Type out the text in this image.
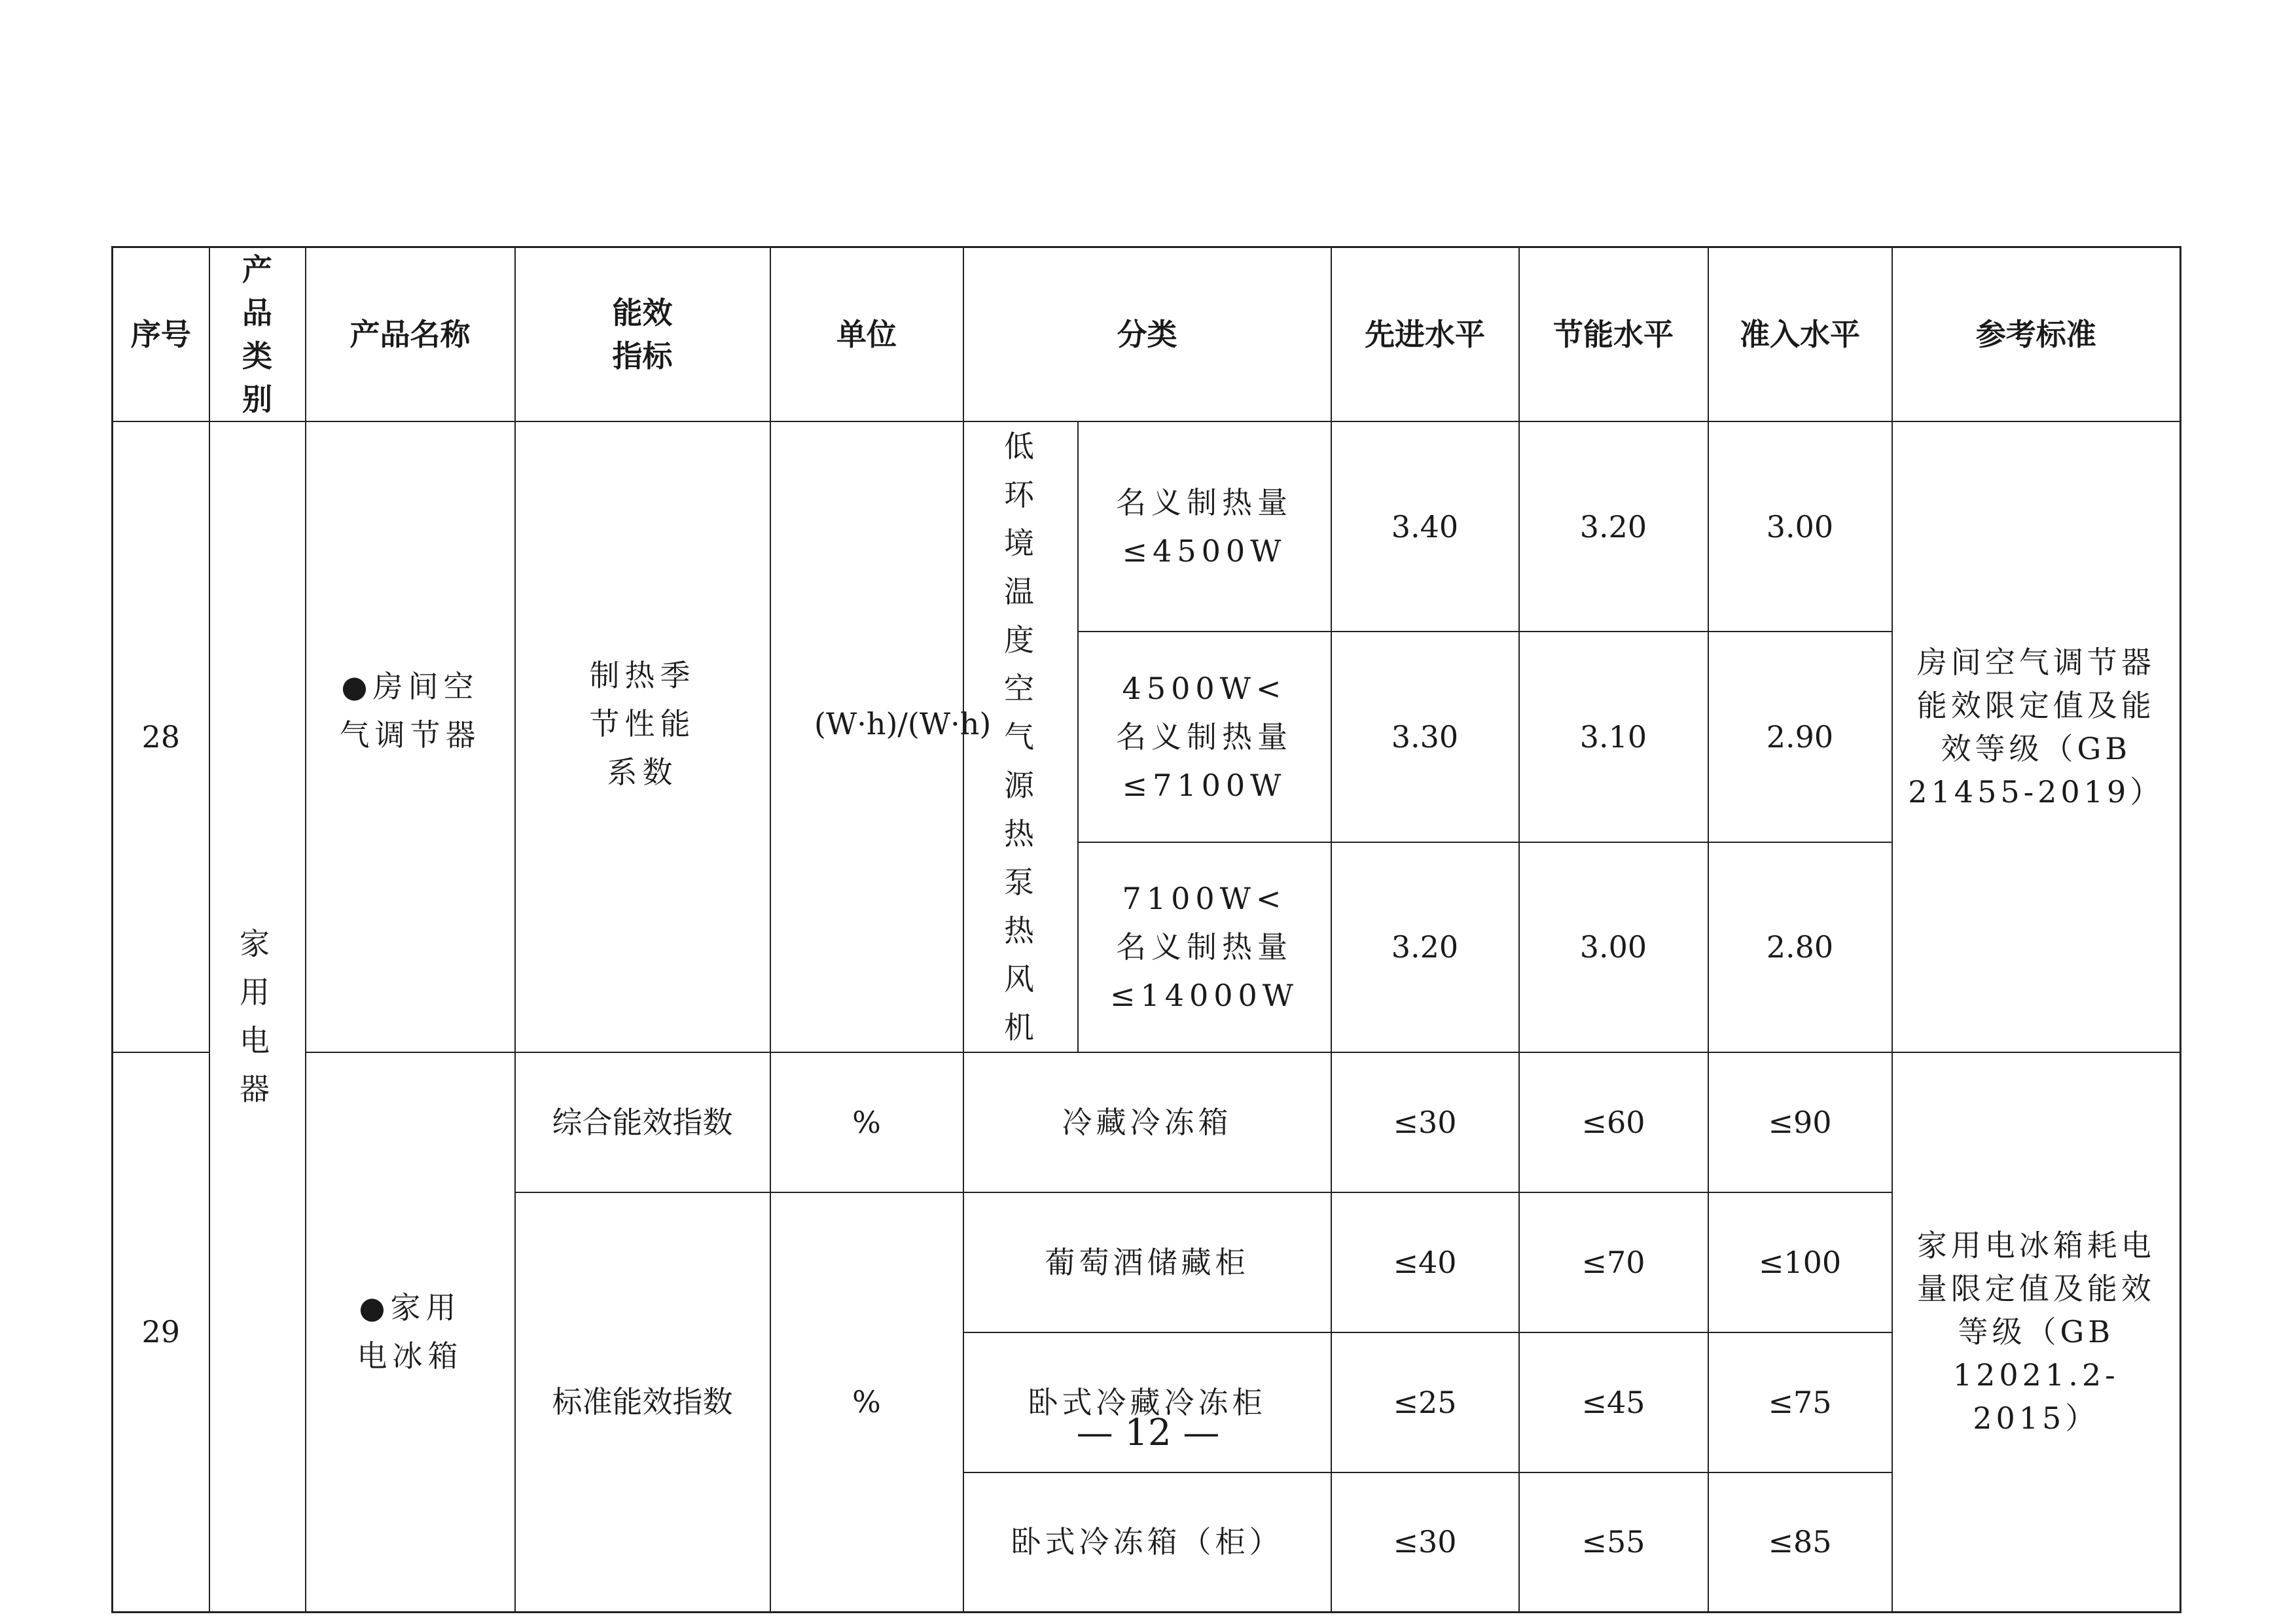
序号	产品类别	产品名称	能效指标	单位	分类		先进水平	节能水平	准入水平	参考标准
28	家用电器	●房间空气调节器	制热季节性能系数	(W·h)/(W·h)	低环境温度空气源热泵热风机	名义制热量≤4500W	3.40	3.20	3.00	房间空气调节器能效限定值及能效等级（GB 21455-2019）

						4500W<名义制热量≤7100W	3.30	3.10	2.90	

						7100W<名义制热量≤14000W	3.20	3.00	2.80	
29		●家用电冰箱	综合能效指数	%	冷藏冷冻箱		≤30	≤60	≤90	家用电冰箱耗电量限定值及能效等级（GB 12021.2-2015）
			标准能效指数	%	葡萄酒储藏柜		≤40	≤70	≤100	
					卧式冷藏冷冻柜		≤25	≤45	≤75	
					卧式冷冻箱（柜）		≤30	≤55	≤85	
— 12 —
